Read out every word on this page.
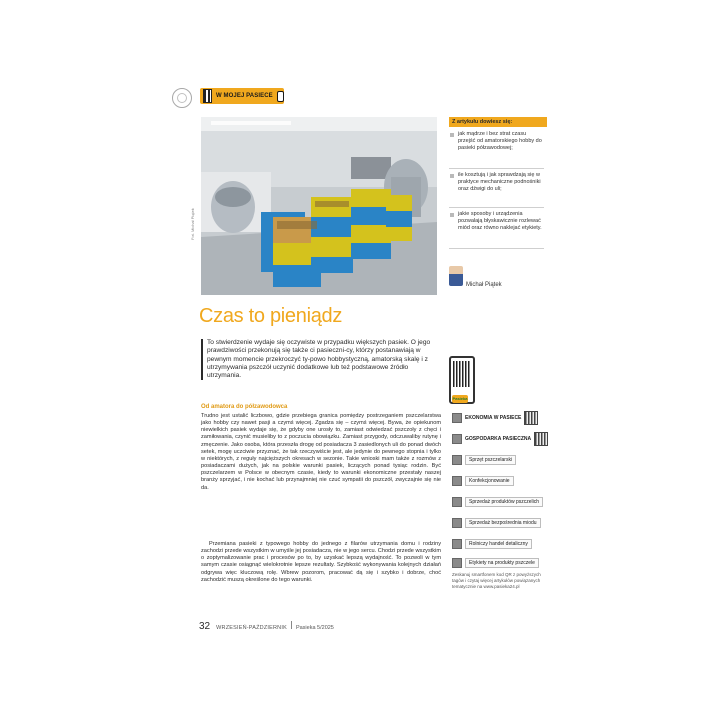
W MOJEJ PASIECE
Fot. Michał Piątek
Z artykułu dowiesz się:
jak mądrze i bez strat czasu przejść od amatorskiego hobby do pasieki półzawodowej;
ile kosztują i jak sprawdzają się w praktyce mechaniczne podnośniki oraz dźwigi do uli;
jakie sposoby i urządzenia pozwalają błyskawicznie rozlewać miód oraz równo naklejać etykiety.
Michał Piątek
Czas to pieniądz
To stwierdzenie wydaje się oczywiste w przypadku większych pasiek. O jego prawdziwości przekonują się także ci pasieczni-cy, którzy postanawiają w pewnym momencie przekroczyć ty-powo hobbystyczną, amatorską skalę i z utrzymywania pszczół uczynić dodatkowe lub też podstawowe źródło utrzymania.
Od amatora do półzawodowca
Trudno jest ustalić liczbowo, gdzie przebiega granica pomiędzy postrzeganiem pszczelarstwa jako hobby czy nawet pasji a czymś więcej. Zgadza się – czymś więcej. Bywa, że opiekunom niewielkich pasiek wydaje się, że gdyby one urosły to, zamiast odwiedzać pszczoły z chęci i zamiłowania, czynić musieliby to z poczucia obowiązku. Zamiast przygody, odczuwaliby rutynę i zmęczenie. Jako osoba, która przeszła drogę od posiadacza 3 zasiedlonych uli do ponad dwóch setek, mogę uczciwie przyznać, że tak rzeczywiście jest, ale jedynie do pewnego stopnia i tylko w niektórych, z reguły najcięższych okresach w sezonie. Takie wnioski mam także z rozmów z posiadaczami dużych, jak na polskie warunki pasiek, liczących ponad tysiąc rodzin. Być pszczelarzem w Polsce w obecnym czasie, kiedy to warunki ekonomiczne przestały naszej branży sprzyjać, i nie kochać lub przynajmniej nie czuć sympatii do pszczół, zwyczajnie się nie da.
Przemiana pasieki z typowego hobby do jednego z filarów utrzymania domu i rodziny zachodzi przede wszystkim w umyśle jej posiadacza, nie w jego sercu. Chodzi przede wszystkim o zoptymalizowanie prac i procesów po to, by uzyskać lepszą wydajność. To pozwoli w tym samym czasie osiągnąć wielokrotnie lepsze rezultaty. Szybkość wykonywania kolejnych działań odgrywa więc kluczową rolę. Wbrew pozorom, pracować dą się i szybko i dobrze, choć zachodzić muszą określone do tego warunki.
Pasieka
EKONOMIA W PASIECE
GOSPODARKA PASIECZNA
Sprzęt pszczelarski
Konfekcjonowanie
Sprzedaż produktów pszczelich
Sprzedaż bezpośrednia miodu
Rolniczy handel detaliczny
Etykiety na produkty pszczele
Zeskanuj smartfonem kod QR z powyższych tagów i czytaj więcej artykułów powiązanych tematycznie na www.pasieka24.pl
32 WRZESIEŃ-PAŹDZIERNIK Pasieka 5/2025
